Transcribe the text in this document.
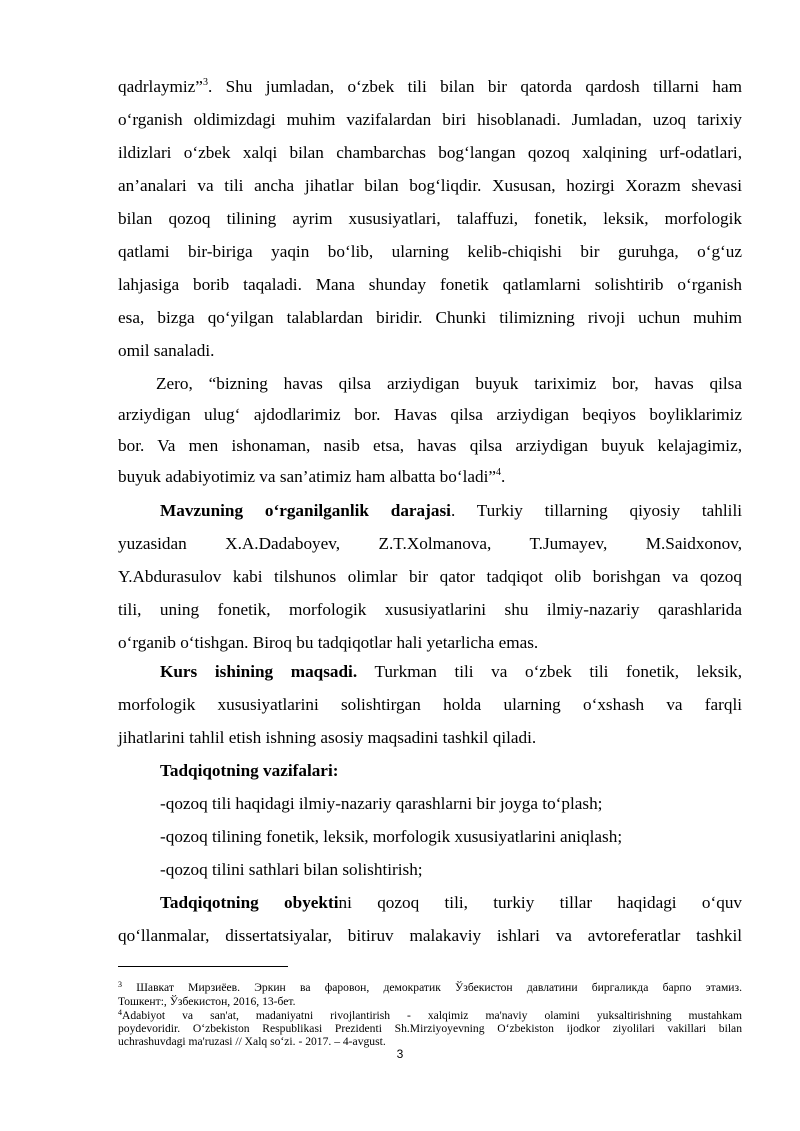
qadrlaymiz”$^3$. Shu jumladan, o‘zbek tili bilan bir qatorda qardosh tillarni ham
o‘rganish oldimizdagi muhim vazifalardan biri hisoblanadi. Jumladan, uzoq tarixiy
ildizlari o‘zbek xalqi bilan chambarchas bog‘langan qozoq xalqining urf-odatlari,
an’analari va tili ancha jihatlar bilan bog‘liqdir. Xususan, hozirgi Xorazm shevasi
bilan qozoq tilining ayrim xususiyatlari, talaffuzi, fonetik, leksik, morfologik
qatlami bir-biriga yaqin bo‘lib, ularning kelib-chiqishi bir guruhga, o‘g‘uz
lahjasiga borib taqaladi. Mana shunday fonetik qatlamlarni solishtirib o‘rganish
esa, bizga qo‘yilgan talablardan biridir. Chunki tilimizning rivoji uchun muhim
omil sanaladi.
Zero, “bizning havas qilsa arziydigan buyuk tariximiz bor, havas qilsa
arziydigan ulug‘ ajdodlarimiz bor. Havas qilsa arziydigan beqiyos boyliklarimiz
bor. Va men ishonaman, nasib etsa, havas qilsa arziydigan buyuk kelajagimiz,
buyuk adabiyotimiz va san’atimiz ham albatta bo‘ladi”$^4$.
Mavzuning o‘rganilganlik darajasi. Turkiy tillarning qiyosiy tahlili
yuzasidan X.A.Dadaboyev, Z.T.Xolmanova, T.Jumayev, M.Saidxonov,
Y.Abdurasulov kabi tilshunos olimlar bir qator tadqiqot olib borishgan va qozoq
tili, uning fonetik, morfologik xususiyatlarini shu ilmiy-nazariy qarashlarida
o‘rganib o‘tishgan. Biroq bu tadqiqotlar hali yetarlicha emas.
Kurs ishining maqsadi. Turkman tili va o‘zbek tili fonetik, leksik,
morfologik xususiyatlarini solishtirgan holda ularning o‘xshash va farqli
jihatlarini tahlil etish ishning asosiy maqsadini tashkil qiladi.
Tadqiqotning vazifalari:
-qozoq tili haqidagi ilmiy-nazariy qarashlarni bir joyga to‘plash;
-qozoq tilining fonetik, leksik, morfologik xususiyatlarini aniqlash;
-qozoq tilini sathlari bilan solishtirish;
Tadqiqotning obyektini qozoq tili, turkiy tillar haqidagi o‘quv
qo‘llanmalar, dissertatsiyalar, bitiruv malakaviy ishlari va avtoreferatlar tashkil
$^3$ Шавкат Мирзиёев. Эркин ва фаровон, демократик Ўзбекистон давлатини биргаликда барпо этамиз.
Тошкент:, Ўзбекистон, 2016, 13-бет.
$^4$Adabiyot va san'at, madaniyatni rivojlantirish - xalqimiz ma'naviy olamini yuksaltirishning mustahkam
poydevoridir. O‘zbekiston Respublikasi Prezidenti Sh.Mirziyoyevning O‘zbekiston ijodkor ziyolilari vakillari bilan
uchrashuvdagi ma'ruzasi // Xalq so‘zi. - 2017. – 4-avgust.
3
